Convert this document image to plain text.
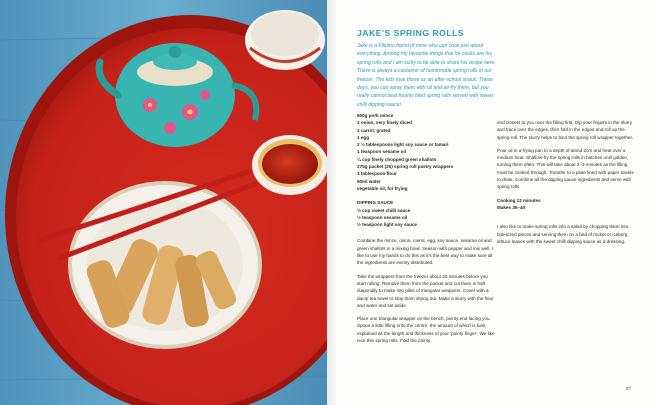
JAKE'S SPRING ROLLS
Jake is a Filipino friend of mine who can cook just about everything. Among my favourite things that he cooks are his spring rolls and I am lucky to be able to share his recipe here. There is always a container of homemade spring rolls in our freezer. The kids love these as an after-school snack. These days, you can spray them with oil and air-fry them, but you really cannot beat freshly fried spring rolls served with sweet chilli dipping sauce!

500g pork mince

1 onion, very finely diced

1 carrot, grated

1 egg

2 ½ tablespoons light soy sauce or tamari

1 teaspoon sesame oil

¼ cup finely chopped green shallots

275g packet (20) spring roll pastry wrappers

1 tablespoon flour

50ml water

vegetable oil, for frying

DIPPING SAUCE

½ cup sweet chilli sauce

½ teaspoon sesame oil

½ teaspoon light soy sauce

Combine the mince, onion, carrot, egg, soy sauce, sesame oil and green shallots in a mixing bowl. Season with pepper and mix well. I like to use my hands to do this as it's the best way to make sure all the ingredients are evenly distributed.

Take the wrappers from the freezer about 20 minutes before you start rolling. Remove them from the packet and cut them in half diagonally to make into piles of triangular wrappers. Cover with a damp tea towel to stop them drying out. Make a slurry with the flour and water and set aside.

Place one triangular wrapper on the bench, pointy end facing you. Spoon a little filling onto the centre, the amount of which is best explained as the length and thickness of your 'pointy finger'. We like nice thin spring rolls. Fold the pointy

end closest to you over the filling first. Dip your fingers in the slurry and trace over the edges, then fold in the edges and roll up the spring roll. The slurry helps to bind the spring roll wrapper together.

Pour oil in a frying pan to a depth of about 2cm and heat over a medium heat. Shallow-fry the spring rolls in batches until golden, turning them often. This will take about 2–3 minutes as the filling must be cooked through. Transfer to a plate lined with paper towels to drain. Combine all the dipping sauce ingredients and serve with spring rolls.

Cooking 12 minutes

Makes 35–40

I also like to make spring rolls into a salad by chopping them into bite-sized pieces and serving them on a bed of rocket or iceberg lettuce leaves with the sweet chilli dipping sauce as a dressing.

87
